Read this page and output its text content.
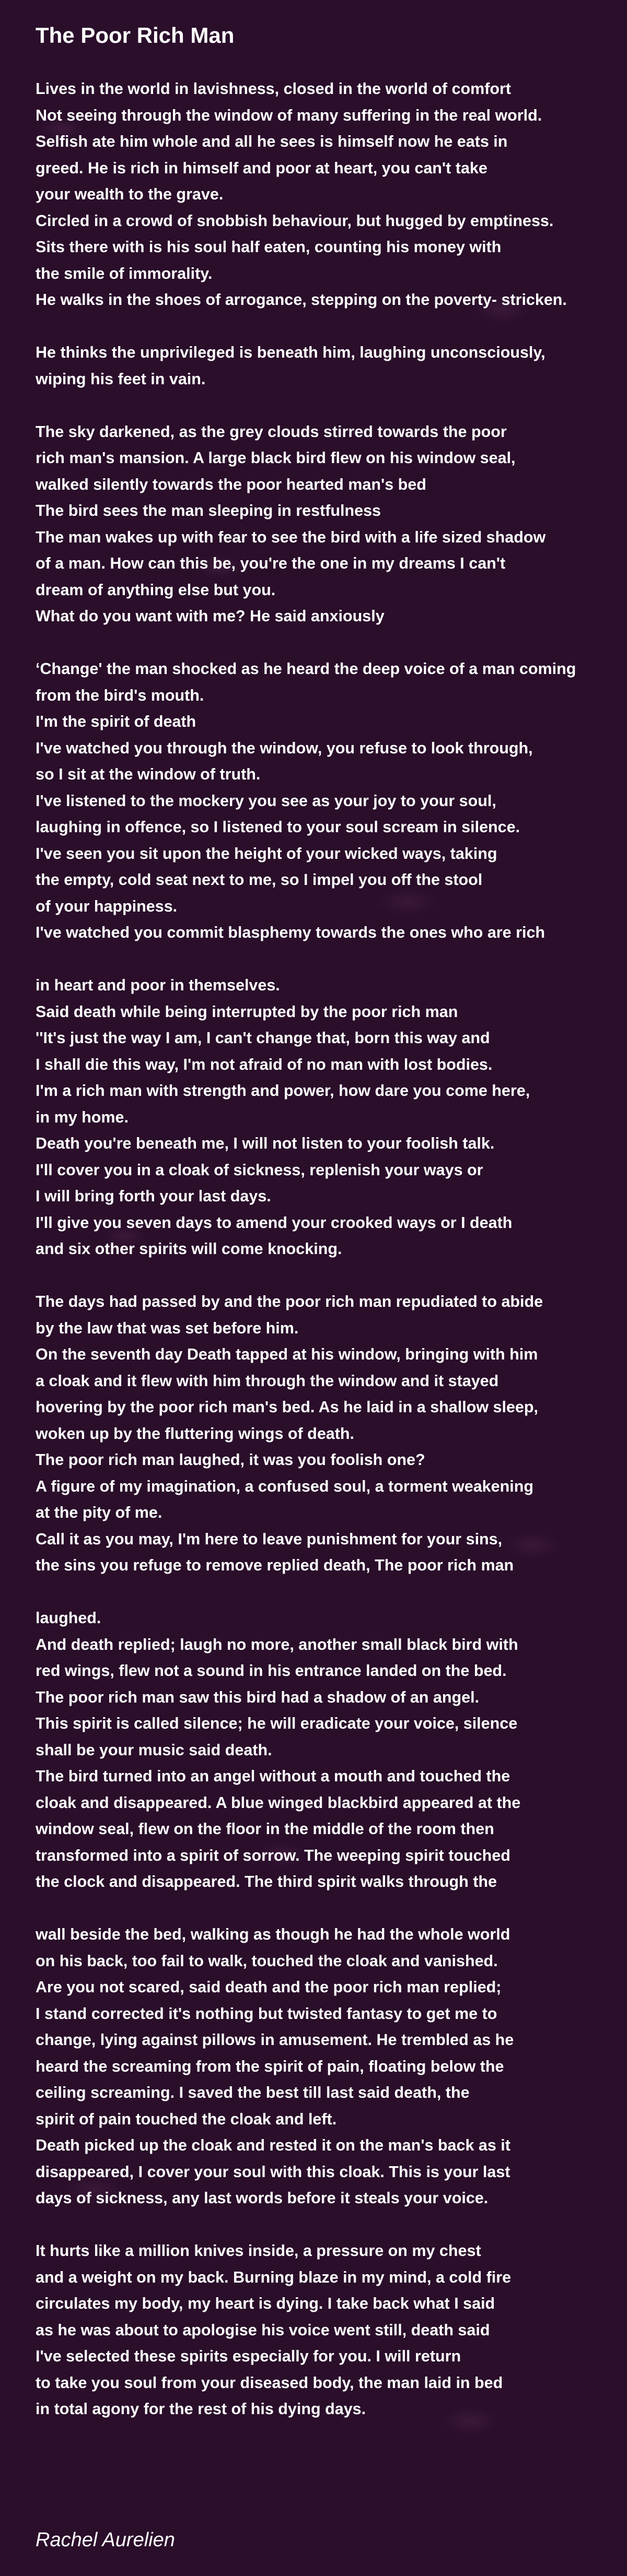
The Poor Rich Man
Lives in the world in lavishness, closed in the world of comfort
Not seeing through the window of many suffering in the real world.
Selfish ate him whole and all he sees is himself now he eats in
greed. He is rich in himself and poor at heart, you can't take
your wealth to the grave.
Circled in a crowd of snobbish behaviour, but hugged by emptiness.
Sits there with is his soul half eaten, counting his money with
the smile of immorality.
He walks in the shoes of arrogance, stepping on the poverty- stricken.
He thinks the unprivileged is beneath him, laughing unconsciously,
wiping his feet in vain.
The sky darkened, as the grey clouds stirred towards the poor
rich man's mansion. A large black bird flew on his window seal,
walked silently towards the poor hearted man's bed
The bird sees the man sleeping in restfulness
The man wakes up with fear to see the bird with a life sized shadow
of a man. How can this be, you're the one in my dreams I can't
dream of anything else but you.
What do you want with me? He said anxiously
‘Change' the man shocked as he heard the deep voice of a man coming
from the bird's mouth.
I'm the spirit of death
I've watched you through the window, you refuse to look through,
so I sit at the window of truth.
I've listened to the mockery you see as your joy to your soul,
laughing in offence, so I listened to your soul scream in silence.
I've seen you sit upon the height of your wicked ways, taking
the empty, cold seat next to me, so I impel you off the stool
of your happiness.
I've watched you commit blasphemy towards the ones who are rich
in heart and poor in themselves.
Said death while being interrupted by the poor rich man
''It's just the way I am, I can't change that, born this way and
I shall die this way, I'm not afraid of no man with lost bodies.
I'm a rich man with strength and power, how dare you come here,
in my home.
Death you're beneath me, I will not listen to your foolish talk.
I'll cover you in a cloak of sickness, replenish your ways or
I will bring forth your last days.
I'll give you seven days to amend your crooked ways or I death
and six other spirits will come knocking.
The days had passed by and the poor rich man repudiated to abide
by the law that was set before him.
On the seventh day Death tapped at his window, bringing with him
a cloak and it flew with him through the window and it stayed
hovering by the poor rich man's bed. As he laid in a shallow sleep,
woken up by the fluttering wings of death.
The poor rich man laughed, it was you foolish one?
A figure of my imagination, a confused soul, a torment weakening
at the pity of me.
Call it as you may, I'm here to leave punishment for your sins,
the sins you refuge to remove replied death, The poor rich man
laughed.
And death replied; laugh no more, another small black bird with
red wings, flew not a sound in his entrance landed on the bed.
The poor rich man saw this bird had a shadow of an angel.
This spirit is called silence; he will eradicate your voice, silence
shall be your music said death.
The bird turned into an angel without a mouth and touched the
cloak and disappeared. A blue winged blackbird appeared at the
window seal, flew on the floor in the middle of the room then
transformed into a spirit of sorrow. The weeping spirit touched
the clock and disappeared. The third spirit walks through the
wall beside the bed, walking as though he had the whole world
on his back, too fail to walk, touched the cloak and vanished.
Are you not scared, said death and the poor rich man replied;
I stand corrected it's nothing but twisted fantasy to get me to
change, lying against pillows in amusement. He trembled as he
heard the screaming from the spirit of pain, floating below the
ceiling screaming. I saved the best till last said death, the
spirit of pain touched the cloak and left.
Death picked up the cloak and rested it on the man's back as it
disappeared, I cover your soul with this cloak. This is your last
days of sickness, any last words before it steals your voice.
It hurts like a million knives inside, a pressure on my chest
and a weight on my back. Burning blaze in my mind, a cold fire
circulates my body, my heart is dying. I take back what I said
as he was about to apologise his voice went still, death said
I've selected these spirits especially for you. I will return
to take you soul from your diseased body, the man laid in bed
in total agony for the rest of his dying days.

Rachel Aurelien
